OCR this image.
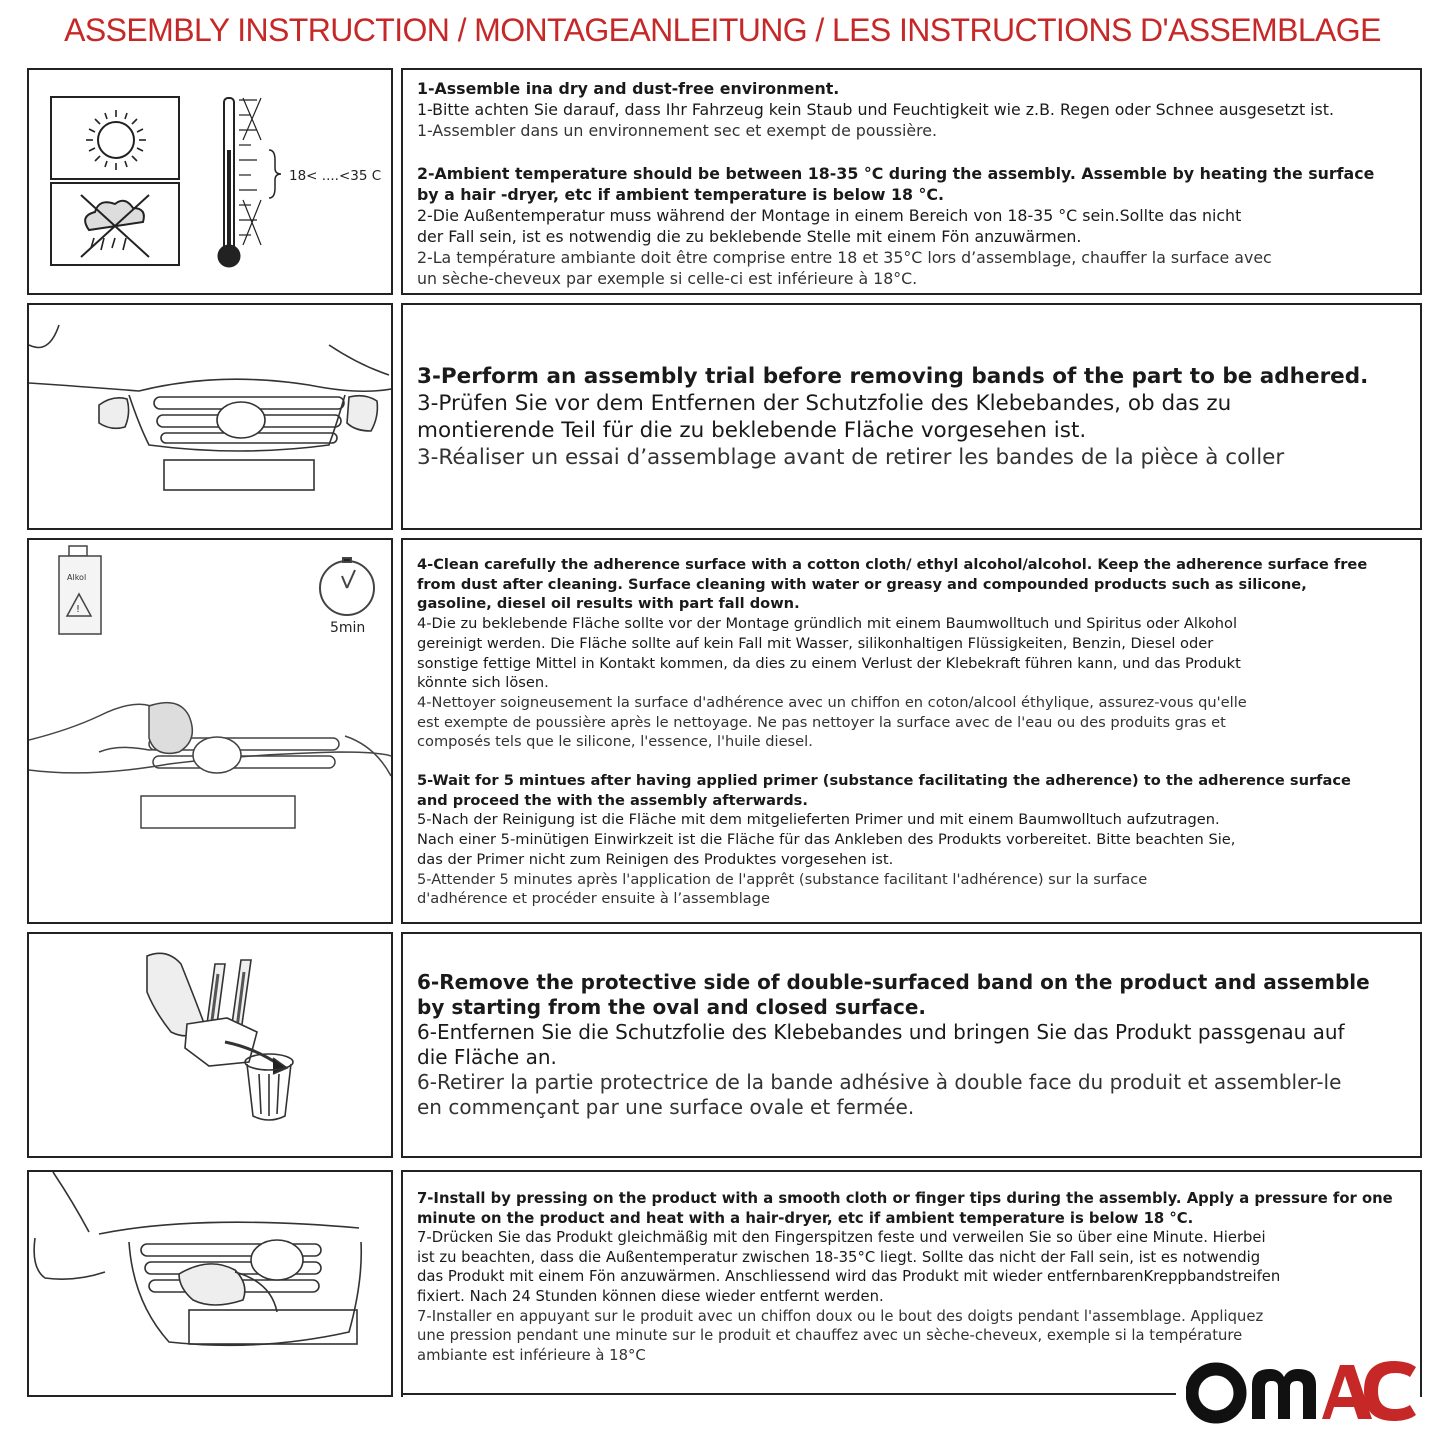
ASSEMBLY INSTRUCTION / MONTAGEANLEITUNG / LES INSTRUCTIONS D'ASSEMBLAGE
18< ....<35 C

1-Assemble ina dry and dust-free environment.

1-Bitte achten Sie darauf, dass Ihr Fahrzeug kein Staub und Feuchtigkeit wie z.B. Regen oder Schnee ausgesetzt ist.

1-Assembler dans un environnement sec et exempt de poussière.

2-Ambient temperature should be between 18-35 °C during the assembly. Assemble by heating the surface

by a hair -dryer, etc if ambient temperature is below 18 °C.

2-Die Außentemperatur muss während der Montage in einem Bereich von 18-35 °C sein.Sollte das nicht

der Fall sein, ist es notwendig die zu beklebende Stelle mit einem Fön anzuwärmen.

2-La température ambiante doit être comprise entre 18 et 35°C lors d’assemblage, chauffer la surface avec

un sèche-cheveux par exemple si celle-ci est inférieure à 18°C.

3-Perform an assembly trial before removing bands of the part to be adhered.

3-Prüfen Sie vor dem Entfernen der Schutzfolie des Klebebandes, ob das zu

montierende Teil für die zu beklebende Fläche vorgesehen ist.

3-Réaliser un essai d’assemblage avant de retirer les bandes de la pièce à coller

Alkol
!
5min

4-Clean carefully the adherence surface with a cotton cloth/ ethyl alcohol/alcohol. Keep the adherence surface free

from dust after cleaning. Surface cleaning with water or greasy and compounded products such as silicone,

gasoline, diesel oil results with part fall down.

4-Die zu beklebende Fläche sollte vor der Montage gründlich mit einem Baumwolltuch und Spiritus oder Alkohol

gereinigt werden. Die Fläche sollte auf kein Fall mit Wasser, silikonhaltigen Flüssigkeiten, Benzin, Diesel oder

sonstige fettige Mittel in Kontakt kommen, da dies zu einem Verlust der Klebekraft führen kann, und das Produkt

könnte sich lösen.

4-Nettoyer soigneusement la surface d'adhérence avec un chiffon en coton/alcool éthylique, assurez-vous qu'elle

est exempte de poussière après le nettoyage. Ne pas nettoyer la surface avec de l'eau ou des produits gras et

composés tels que le silicone, l'essence, l'huile diesel.

5-Wait for 5 mintues after having applied primer (substance facilitating the adherence) to the adherence surface

and proceed the with the assembly afterwards.

5-Nach der Reinigung ist die Fläche mit dem mitgelieferten Primer und mit einem Baumwolltuch aufzutragen.

Nach einer 5-minütigen Einwirkzeit ist die Fläche für das Ankleben des Produkts vorbereitet. Bitte beachten Sie,

das der Primer nicht zum Reinigen des Produktes vorgesehen ist.

5-Attender 5 minutes après l'application de l'apprêt (substance facilitant l'adhérence) sur la surface

d'adhérence et procéder ensuite à l’assemblage

6-Remove the protective side of double-surfaced band on the product and assemble

by starting from the oval and closed surface.

6-Entfernen Sie die Schutzfolie des Klebebandes und bringen Sie das Produkt passgenau auf

die Fläche an.

6-Retirer la partie protectrice de la bande adhésive à double face du produit et assembler-le

en commençant par une surface ovale et fermée.

7-Install by pressing on the product with a smooth cloth or finger tips during the assembly. Apply a pressure for one

minute on the product and heat with a hair-dryer, etc if ambient temperature is below 18 °C.

7-Drücken Sie das Produkt gleichmäßig mit den Fingerspitzen feste und verweilen Sie so über eine Minute. Hierbei

ist zu beachten, dass die Außentemperatur zwischen 18-35°C liegt. Sollte das nicht der Fall sein, ist es notwendig

das Produkt mit einem Fön anzuwärmen. Anschliessend wird das Produkt mit wieder entfernbarenKreppbandstreifen

fixiert. Nach 24 Stunden können diese wieder entfernt werden.

7-Installer en appuyant sur le produit avec un chiffon doux ou le bout des doigts pendant l'assemblage. Appliquez

une pression pendant une minute sur le produit et chauffez avec un sèche-cheveux, exemple si la température

ambiante est inférieure à 18°C
